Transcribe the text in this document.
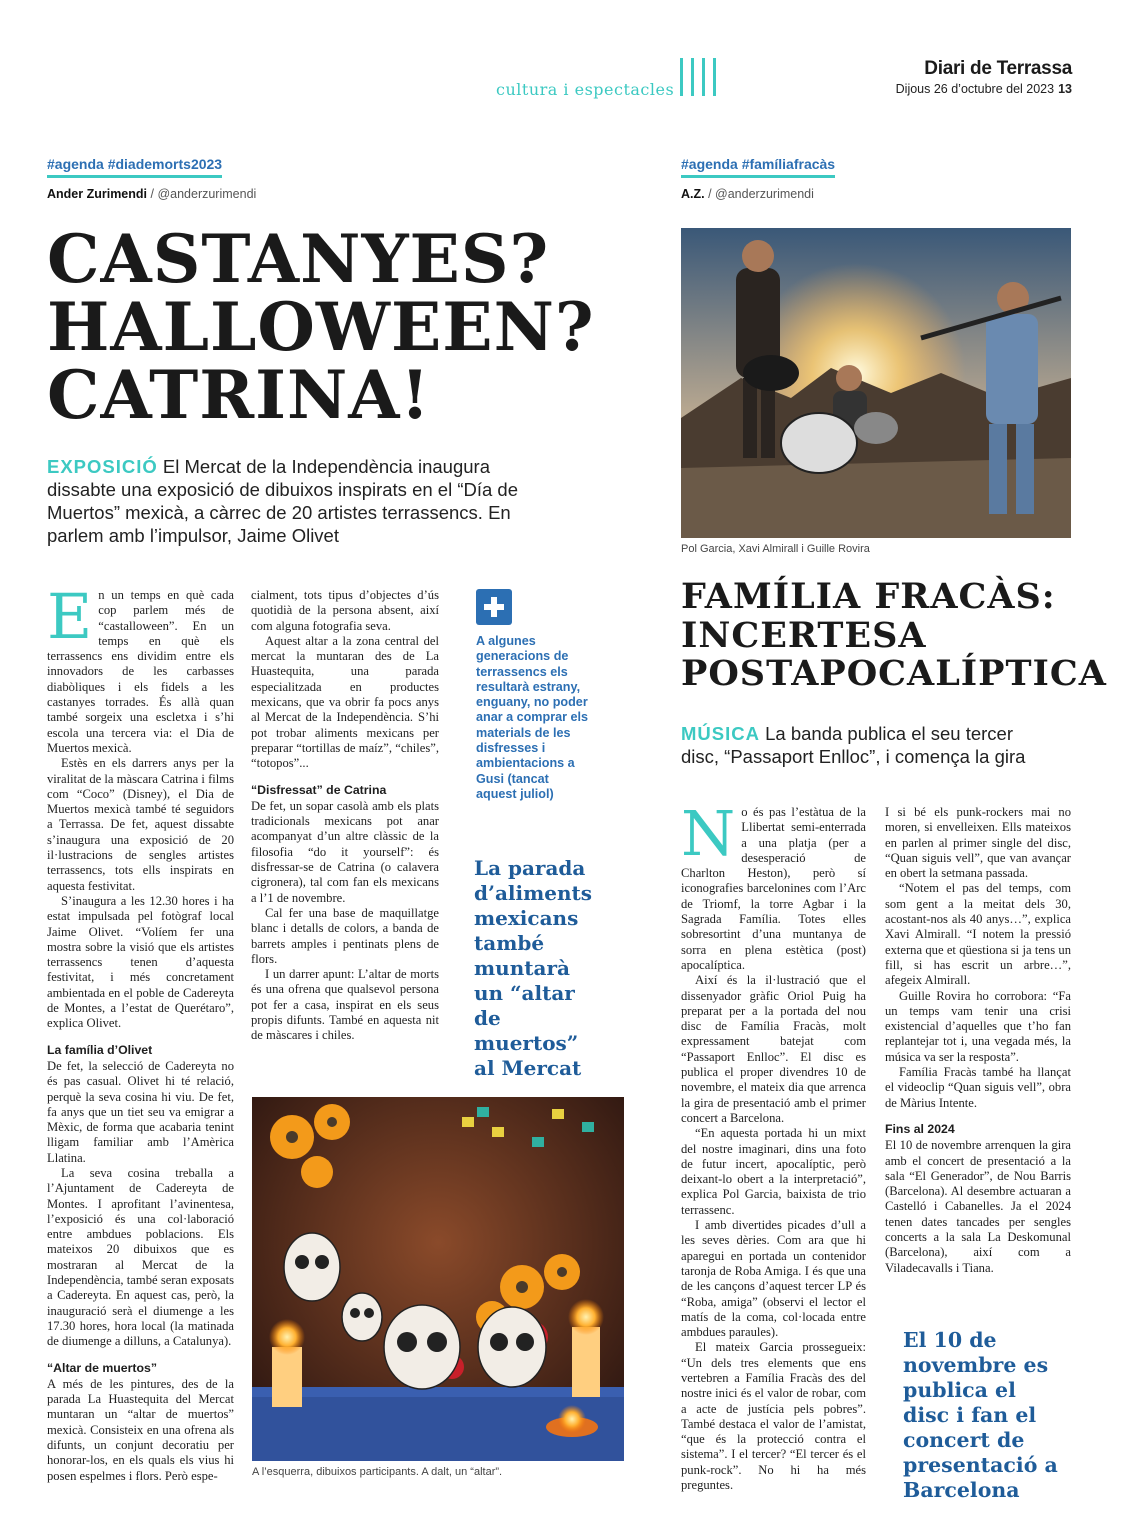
cultura i espectacles
Diari de Terrassa
Dijous 26 d’octubre del 2023 13
#agenda #diademorts2023
Ander Zurimendi / @anderzurimendi
CASTANYES?
HALLOWEEN?
CATRINA!
EXPOSICIÓ El Mercat de la Independència inaugura dissabte una exposició de dibuixos inspirats en el “Día de Muertos” mexicà, a càrrec de 20 artistes terrassencs. En parlem amb l’impulsor, Jaime Olivet
E n un temps en què cada cop parlem més de “castalloween”. En un temps en què els terrassencs ens dividim entre els innovadors de les carbasses diabòliques i els fidels a les castanyes torrades. És allà quan també sorgeix una escletxa i s’hi escola una tercera via: el Dia de Muertos mexicà.

Estès en els darrers anys per la viralitat de la màscara Catrina i films com “Coco” (Disney), el Dia de Muertos mexicà també té seguidors a Terrassa. De fet, aquest dissabte s’inaugura una exposició de 20 il·lustracions de sengles artistes terrassencs, tots ells inspirats en aquesta festivitat.

S’inaugura a les 12.30 hores i ha estat impulsada pel fotògraf local Jaime Olivet. “Volíem fer una mostra sobre la visió que els artistes terrassencs tenen d’aquesta festivitat, i més concretament ambientada en el poble de Cadereyta de Montes, a l’estat de Querétaro”, explica Olivet.

La família d’Olivet

De fet, la selecció de Cadereyta no és pas casual. Olivet hi té relació, perquè la seva cosina hi viu. De fet, fa anys que un tiet seu va emigrar a Mèxic, de forma que acabaria tenint lligam familiar amb l’Amèrica Llatina.

La seva cosina treballa a l’Ajuntament de Cadereyta de Montes. I aprofitant l’avinentesa, l’exposició és una col·laboració entre ambdues poblacions. Els mateixos 20 dibuixos que es mostraran al Mercat de la Independència, també seran exposats a Cadereyta. En aquest cas, però, la inauguració serà el diumenge a les 17.30 hores, hora local (la matinada de diumenge a dilluns, a Catalunya).

“Altar de muertos”

A més de les pintures, des de la parada La Huastequita del Mercat muntaran un “altar de muertos” mexicà. Consisteix en una ofrena als difunts, un conjunt decoratiu per honorar-los, en els quals els vius hi posen espelmes i flors. Però espe-

cialment, tots tipus d’objectes d’ús quotidià de la persona absent, així com alguna fotografia seva.

Aquest altar a la zona central del mercat la muntaran des de La Huastequita, una parada especialitzada en productes mexicans, que va obrir fa pocs anys al Mercat de la Independència. S’hi pot trobar aliments mexicans per preparar “tortillas de maíz”, “chiles”, “totopos”...

“Disfressat” de Catrina

De fet, un sopar casolà amb els plats tradicionals mexicans pot anar acompanyat d’un altre clàssic de la filosofia “do it yourself”: és disfressar-se de Catrina (o calavera cigronera), tal com fan els mexicans a l’1 de novembre.

Cal fer una base de maquillatge blanc i detalls de colors, a banda de barrets amples i pentinats plens de flors.

I un darrer apunt: L’altar de morts és una ofrena que qualsevol persona pot fer a casa, inspirat en els seus propis difunts. També en aquesta nit de màscares i chiles.

A algunes generacions de terrassencs els resultarà estrany, enguany, no poder anar a comprar els materials de les disfresses i ambientacions a Gusi (tancat aquest juliol)
La parada d’aliments mexicans també muntarà un “altar de muertos” al Mercat
A l’esquerra, dibuixos participants. A dalt, un “altar”.
#agenda #famíliafracàs
A.Z. / @anderzurimendi
Pol Garcia, Xavi Almirall i Guille Rovira
FAMÍLIA FRACÀS:
INCERTESA
POSTAPOCALÍPTICA
MÚSICA La banda publica el seu tercer disc, “Passaport Enlloc”, i comença la gira
N o és pas l’estàtua de la Llibertat semi-enterrada a una platja (per a desesperació de Charlton Heston), però sí iconografies barcelonines com l’Arc de Triomf, la torre Agbar i la Sagrada Família. Totes elles sobresortint d’una muntanya de sorra en plena estètica (post) apocalíptica.

Així és la il·lustració que el dissenyador gràfic Oriol Puig ha preparat per a la portada del nou disc de Família Fracàs, molt expressament batejat com “Passaport Enlloc”. El disc es publica el proper divendres 10 de novembre, el mateix dia que arrenca la gira de presentació amb el primer concert a Barcelona.

“En aquesta portada hi un mixt del nostre imaginari, dins una foto de futur incert, apocalíptic, però deixant-lo obert a la interpretació”, explica Pol Garcia, baixista de trio terrassenc.

I amb divertides picades d’ull a les seves dèries. Com ara que hi aparegui en portada un contenidor taronja de Roba Amiga. I és que una de les cançons d’aquest tercer LP és “Roba, amiga” (observi el lector el matís de la coma, col·locada entre ambdues paraules).

El mateix Garcia prossegueix: “Un dels tres elements que ens vertebren a Família Fracàs des del nostre inici és el valor de robar, com a acte de justícia pels pobres”. També destaca el valor de l’amistat, “que és la protecció contra el sistema”. I el tercer? “El tercer és el punk-rock”. No hi ha més preguntes.

I si bé els punk-rockers mai no moren, si envelleixen. Ells mateixos en parlen al primer single del disc, “Quan siguis vell”, que van avançar en obert la setmana passada.

“Notem el pas del temps, com som gent a la meitat dels 30, acostant-nos als 40 anys…”, explica Xavi Almirall. “I notem la pressió externa que et qüestiona si ja tens un fill, si has escrit un arbre…”, afegeix Almirall.

Guille Rovira ho corrobora: “Fa un temps vam tenir una crisi existencial d’aquelles que t’ho fan replantejar tot i, una vegada més, la música va ser la resposta”.

Família Fracàs també ha llançat el videoclip “Quan siguis vell”, obra de Màrius Intente.

Fins al 2024

El 10 de novembre arrenquen la gira amb el concert de presentació a la sala “El Generador”, de Nou Barris (Barcelona). Al desembre actuaran a Castelló i Cabanelles. Ja el 2024 tenen dates tancades per sengles concerts a la sala La Deskomunal (Barcelona), així com a Viladecavalls i Tiana.

El 10 de novembre es publica el disc i fan el concert de presentació a Barcelona
